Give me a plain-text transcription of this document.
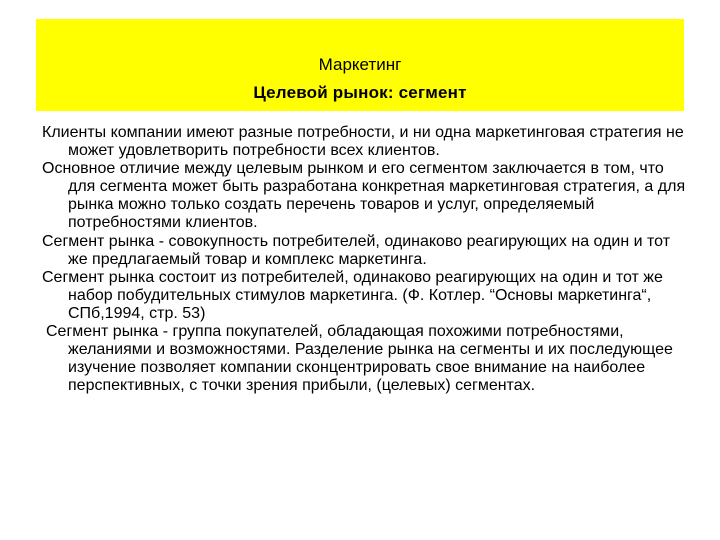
Маркетинг
Целевой рынок: сегмент

Клиенты компании имеют разные потребности, и ни одна маркетинговая стратегия не может удовлетворить потребности всех клиентов.

Основное отличие между целевым рынком и его сегментом заключается в том, что для сегмента может быть разработана конкретная маркетинговая стратегия, а для рынка можно только создать перечень товаров и услуг, определяемый потребностями клиентов.

Сегмент рынка - совокупность потребителей, одинаково реагирующих на один и тот же предлагаемый товар и комплекс маркетинга.

Сегмент рынка состоит из потребителей, одинаково реагирующих на один и тот же набор побудительных стимулов маркетинга. (Ф. Котлер. “Основы маркетинга“, СПб,1994, стр. 53)

Сегмент рынка - группа покупателей, обладающая похожими потребностями, желаниями и возможностями. Разделение рынка на сегменты и их последующее изучение позволяет компании сконцентрировать свое внимание на наиболее перспективных, с точки зрения прибыли, (целевых) сегментах.
